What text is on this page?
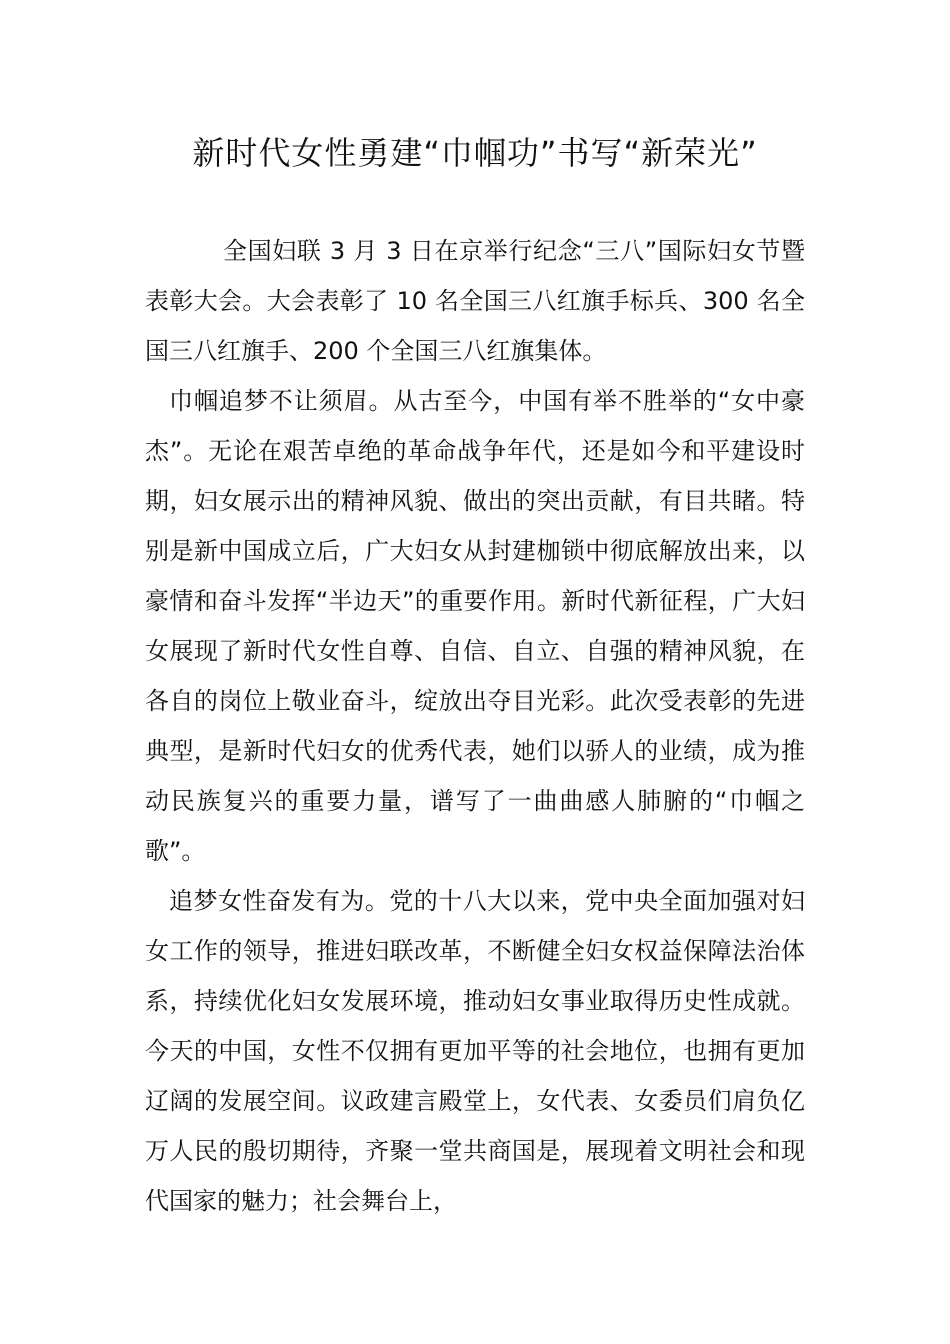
新时代女性勇建“巾帼功”书写“新荣光”

全国妇联 3 月 3 日在京举行纪念“三八”国际妇女节暨表彰大会。大会表彰了 10 名全国三八红旗手标兵、300 名全国三八红旗手、200 个全国三八红旗集体。

巾帼追梦不让须眉。从古至今，中国有举不胜举的“女中豪杰”。无论在艰苦卓绝的革命战争年代，还是如今和平建设时期，妇女展示出的精神风貌、做出的突出贡献，有目共睹。特别是新中国成立后，广大妇女从封建枷锁中彻底解放出来，以豪情和奋斗发挥“半边天”的重要作用。新时代新征程，广大妇女展现了新时代女性自尊、自信、自立、自强的精神风貌，在各自的岗位上敬业奋斗，绽放出夺目光彩。此次受表彰的先进典型，是新时代妇女的优秀代表，她们以骄人的业绩，成为推动民族复兴的重要力量，谱写了一曲曲感人肺腑的“巾帼之歌”。

追梦女性奋发有为。党的十八大以来，党中央全面加强对妇女工作的领导，推进妇联改革，不断健全妇女权益保障法治体系，持续优化妇女发展环境，推动妇女事业取得历史性成就。今天的中国，女性不仅拥有更加平等的社会地位，也拥有更加辽阔的发展空间。议政建言殿堂上，女代表、女委员们肩负亿万人民的殷切期待，齐聚一堂共商国是，展现着文明社会和现代国家的魅力；社会舞台上，
